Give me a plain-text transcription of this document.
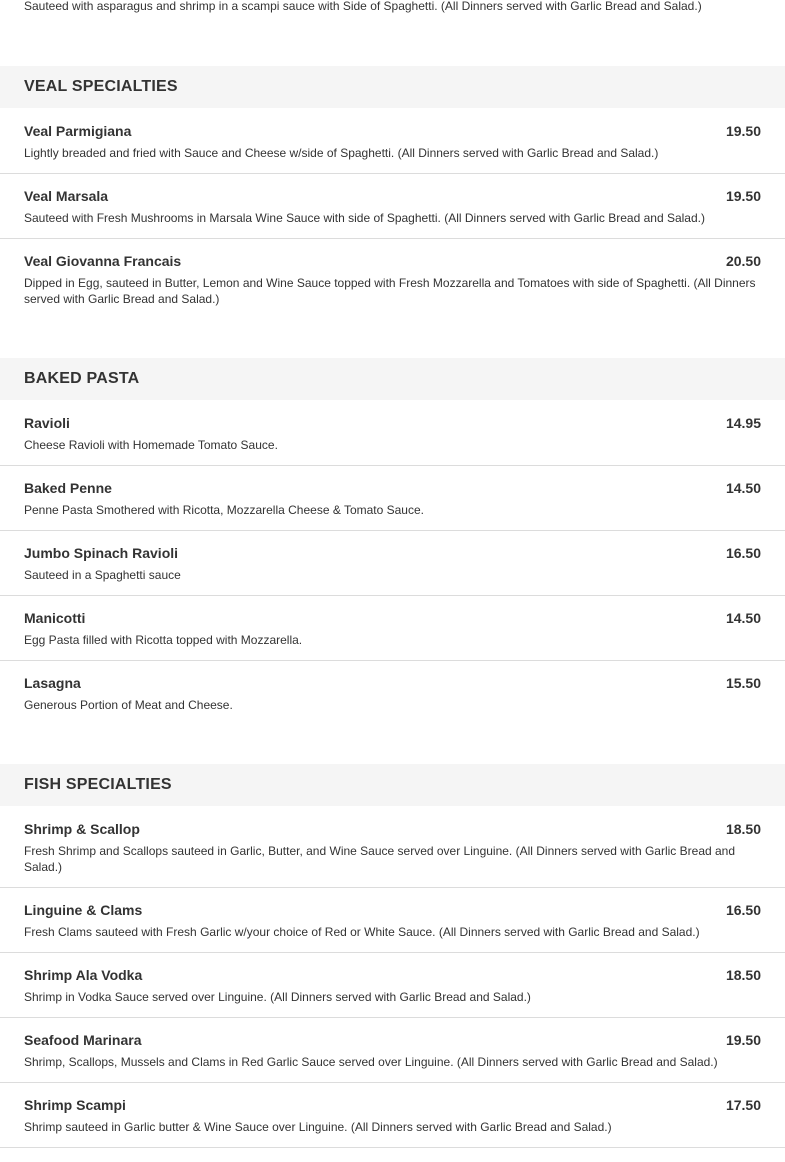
Sauteed with asparagus and shrimp in a scampi sauce with Side of Spaghetti. (All Dinners served with Garlic Bread and Salad.)
VEAL SPECIALTIES
Veal Parmigiana	19.50
Lightly breaded and fried with Sauce and Cheese w/side of Spaghetti. (All Dinners served with Garlic Bread and Salad.)
Veal Marsala	19.50
Sauteed with Fresh Mushrooms in Marsala Wine Sauce with side of Spaghetti. (All Dinners served with Garlic Bread and Salad.)
Veal Giovanna Francais	20.50
Dipped in Egg, sauteed in Butter, Lemon and Wine Sauce topped with Fresh Mozzarella and Tomatoes with side of Spaghetti. (All Dinners served with Garlic Bread and Salad.)
BAKED PASTA
Ravioli	14.95
Cheese Ravioli with Homemade Tomato Sauce.
Baked Penne	14.50
Penne Pasta Smothered with Ricotta, Mozzarella Cheese & Tomato Sauce.
Jumbo Spinach Ravioli	16.50
Sauteed in a Spaghetti sauce
Manicotti	14.50
Egg Pasta filled with Ricotta topped with Mozzarella.
Lasagna	15.50
Generous Portion of Meat and Cheese.
FISH SPECIALTIES
Shrimp & Scallop	18.50
Fresh Shrimp and Scallops sauteed in Garlic, Butter, and Wine Sauce served over Linguine. (All Dinners served with Garlic Bread and Salad.)
Linguine & Clams	16.50
Fresh Clams sauteed with Fresh Garlic w/your choice of Red or White Sauce. (All Dinners served with Garlic Bread and Salad.)
Shrimp Ala Vodka	18.50
Shrimp in Vodka Sauce served over Linguine. (All Dinners served with Garlic Bread and Salad.)
Seafood Marinara	19.50
Shrimp, Scallops, Mussels and Clams in Red Garlic Sauce served over Linguine. (All Dinners served with Garlic Bread and Salad.)
Shrimp Scampi	17.50
Shrimp sauteed in Garlic butter & Wine Sauce over Linguine. (All Dinners served with Garlic Bread and Salad.)
